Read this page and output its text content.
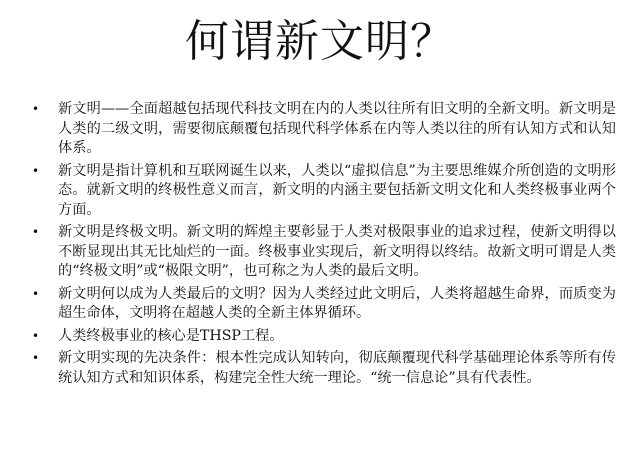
何谓新文明？
• 新文明——全面超越包括现代科技文明在内的人类以往所有旧文明的全新文明。新文明是人类的二级文明，需要彻底颠覆包括现代科学体系在内等人类以往的所有认知方式和认知体系。
• 新文明是指计算机和互联网诞生以来，人类以“虚拟信息”为主要思维媒介所创造的文明形态。就新文明的终极性意义而言，新文明的内涵主要包括新文明文化和人类终极事业两个方面。
• 新文明是终极文明。新文明的辉煌主要彰显于人类对极限事业的追求过程，使新文明得以不断显现出其无比灿烂的一面。终极事业实现后，新文明得以终结。故新文明可谓是人类的“终极文明”或“极限文明”，也可称之为人类的最后文明。
• 新文明何以成为人类最后的文明？因为人类经过此文明后，人类将超越生命界，而质变为超生命体，文明将在超越人类的全新主体界循环。
• 人类终极事业的核心是THSP工程。
• 新文明实现的先决条件：根本性完成认知转向，彻底颠覆现代科学基础理论体系等所有传统认知方式和知识体系，构建完全性大统一理论。“统一信息论”具有代表性。
